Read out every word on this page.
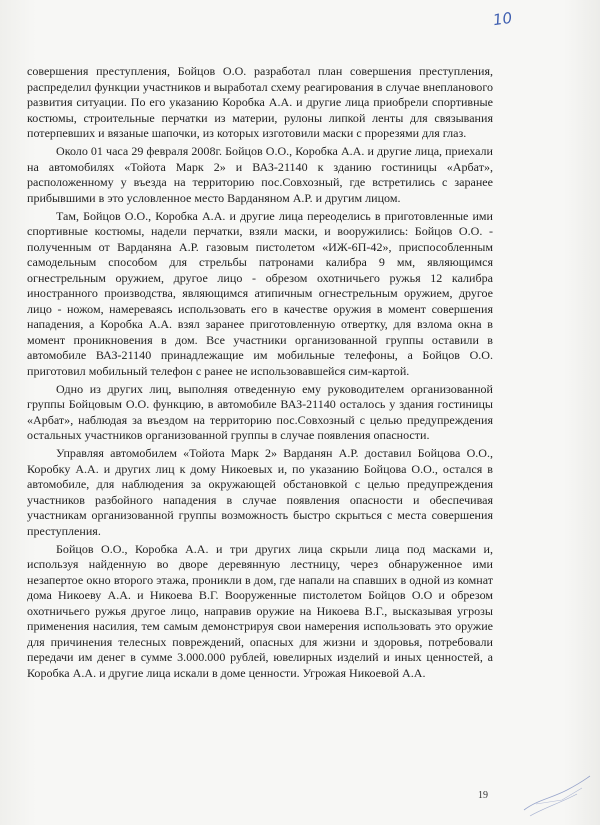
10

совершения преступления, Бойцов О.О. разработал план совершения преступления, распределил функции участников и выработал схему реагирования в случае внепланового развития ситуации. По его указанию Коробка А.А. и другие лица приобрели спортивные костюмы, строительные перчатки из материи, рулоны липкой ленты для связывания потерпевших и вязаные шапочки, из которых изготовили маски с прорезями для глаз.

Около 01 часа 29 февраля 2008г. Бойцов О.О., Коробка А.А. и другие лица, приехали на автомобилях «Тойота Марк 2» и ВАЗ-21140 к зданию гостиницы «Арбат», расположенному у въезда на территорию пос.Совхозный, где встретились с заранее прибывшими в это условленное место Варданяном А.Р. и другим лицом.

Там, Бойцов О.О., Коробка А.А. и другие лица переоделись в приготовленные ими спортивные костюмы, надели перчатки, взяли маски, и вооружились: Бойцов О.О. - полученным от Варданяна А.Р. газовым пистолетом «ИЖ-6П-42», приспособленным самодельным способом для стрельбы патронами калибра 9 мм, являющимся огнестрельным оружием, другое лицо - обрезом охотничьего ружья 12 калибра иностранного производства, являющимся атипичным огнестрельным оружием, другое лицо - ножом, намереваясь использовать его в качестве оружия в момент совершения нападения, а Коробка А.А. взял заранее приготовленную отвертку, для взлома окна в момент проникновения в дом. Все участники организованной группы оставили в автомобиле ВАЗ-21140 принадлежащие им мобильные телефоны, а Бойцов О.О. приготовил мобильный телефон с ранее не использовавшейся сим-картой.

Одно из других лиц, выполняя отведенную ему руководителем организованной группы Бойцовым О.О. функцию, в автомобиле ВАЗ-21140 осталось у здания гостиницы «Арбат», наблюдая за въездом на территорию пос.Совхозный с целью предупреждения остальных участников организованной группы в случае появления опасности.

Управляя автомобилем «Тойота Марк 2» Варданян А.Р. доставил Бойцова О.О., Коробку А.А. и других лиц к дому Никоевых и, по указанию Бойцова О.О., остался в автомобиле, для наблюдения за окружающей обстановкой с целью предупреждения участников разбойного нападения в случае появления опасности и обеспечивая участникам организованной группы возможность быстро скрыться с места совершения преступления.

Бойцов О.О., Коробка А.А. и три других лица скрыли лица под масками и, используя найденную во дворе деревянную лестницу, через обнаруженное ими незапертое окно второго этажа, проникли в дом, где напали на спавших в одной из комнат дома Никоеву А.А. и Никоева В.Г. Вооруженные пистолетом Бойцов О.О и обрезом охотничьего ружья другое лицо, направив оружие на Никоева В.Г., высказывая угрозы применения насилия, тем самым демонстрируя свои намерения использовать это оружие для причинения телесных повреждений, опасных для жизни и здоровья, потребовали передачи им денег в сумме 3.000.000 рублей, ювелирных изделий и иных ценностей, а Коробка А.А. и другие лица искали в доме ценности. Угрожая Никоевой А.А.

19
